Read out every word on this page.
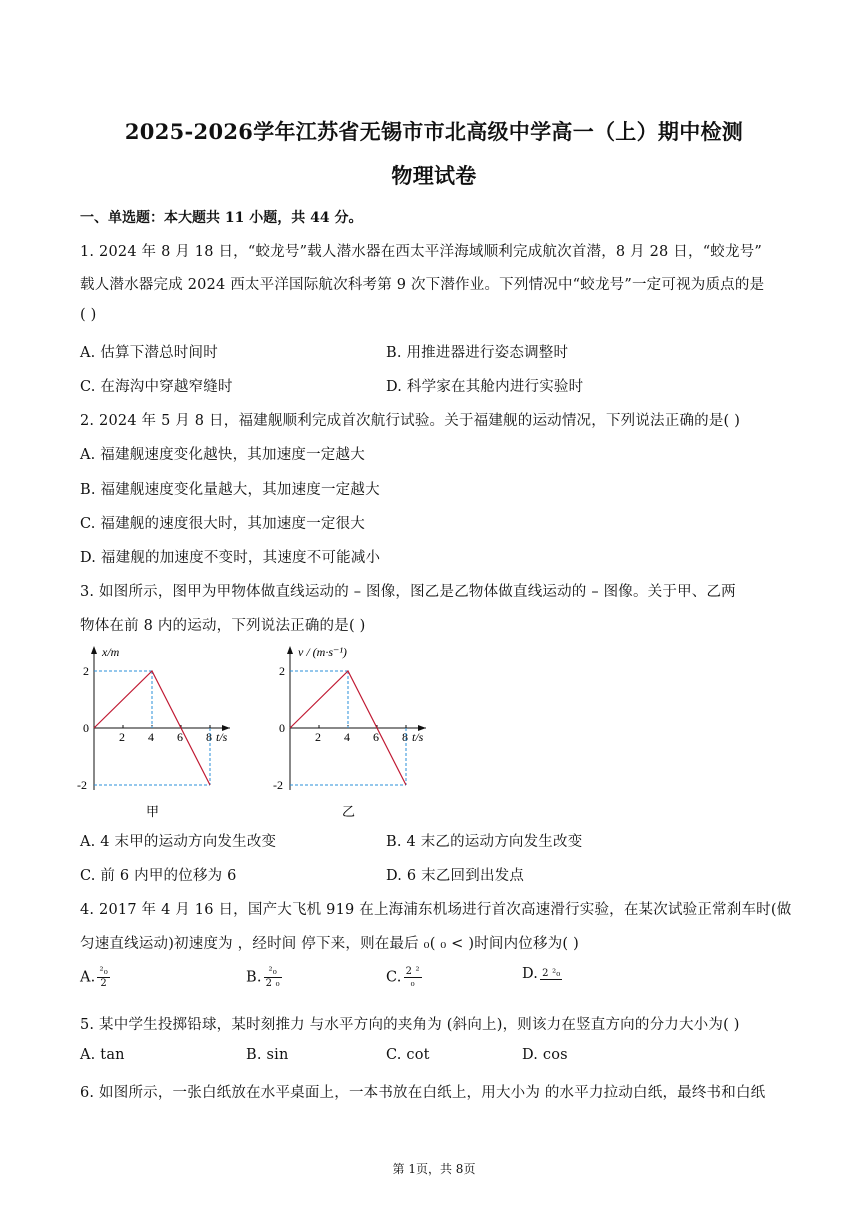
2025-2026学年江苏省无锡市市北高级中学高一（上）期中检测
物理试卷
一、单选题：本大题共 11 小题，共 44 分。
1. 2024 年 8 月 18 日，“蛟龙号”载人潜水器在西太平洋海域顺利完成航次首潜，8 月 28 日，“蛟龙号”
载人潜水器完成 2024 西太平洋国际航次科考第 9 次下潜作业。下列情况中“蛟龙号”一定可视为质点的是
( )
A. 估算下潜总时间时	B. 用推进器进行姿态调整时
C. 在海沟中穿越窄缝时	D. 科学家在其舱内进行实验时
2. 2024 年 5 月 8 日，福建舰顺利完成首次航行试验。关于福建舰的运动情况，下列说法正确的是( )
A. 福建舰速度变化越快，其加速度一定越大
B. 福建舰速度变化量越大，其加速度一定越大
C. 福建舰的速度很大时，其加速度一定很大
D. 福建舰的加速度不变时，其速度不可能减小
3. 如图所示，图甲为甲物体做直线运动的 – 图像，图乙是乙物体做直线运动的 – 图像。关于甲、乙两
物体在前 8 内的运动，下列说法正确的是( )
x/m
t/s
2 4 6 8
2
0
-2
甲
v / (m·s⁻¹)
t/s
2 4 6 8
2
0
-2
乙
A. 4 末甲的运动方向发生改变	B. 4 末乙的运动方向发生改变
C. 前 6 内甲的位移为 6	D. 6 末乙回到出发点
4. 2017 年 4 月 16 日，国产大飞机 919 在上海浦东机场进行首次高速滑行实验，在某次试验正常刹车时(做
匀速直线运动)初速度为 ，经时间 停下来，则在最后 ₀( ₀ < )时间内位移为( )
A. $\frac{\text{²₀}}{2}$	B. $\frac{\text{²₀}}{\text{2 ₀}}$	C. $\frac{\text{2 ²}}{\text{₀}}$	D. 2 ²₀
5. 某中学生投掷铅球，某时刻推力 与水平方向的夹角为 (斜向上)，则该力在竖直方向的分力大小为( )
A. tan	B. sin	C. cot	D. cos
6. 如图所示，一张白纸放在水平桌面上，一本书放在白纸上，用大小为 的水平力拉动白纸，最终书和白纸
第 1页，共 8页
